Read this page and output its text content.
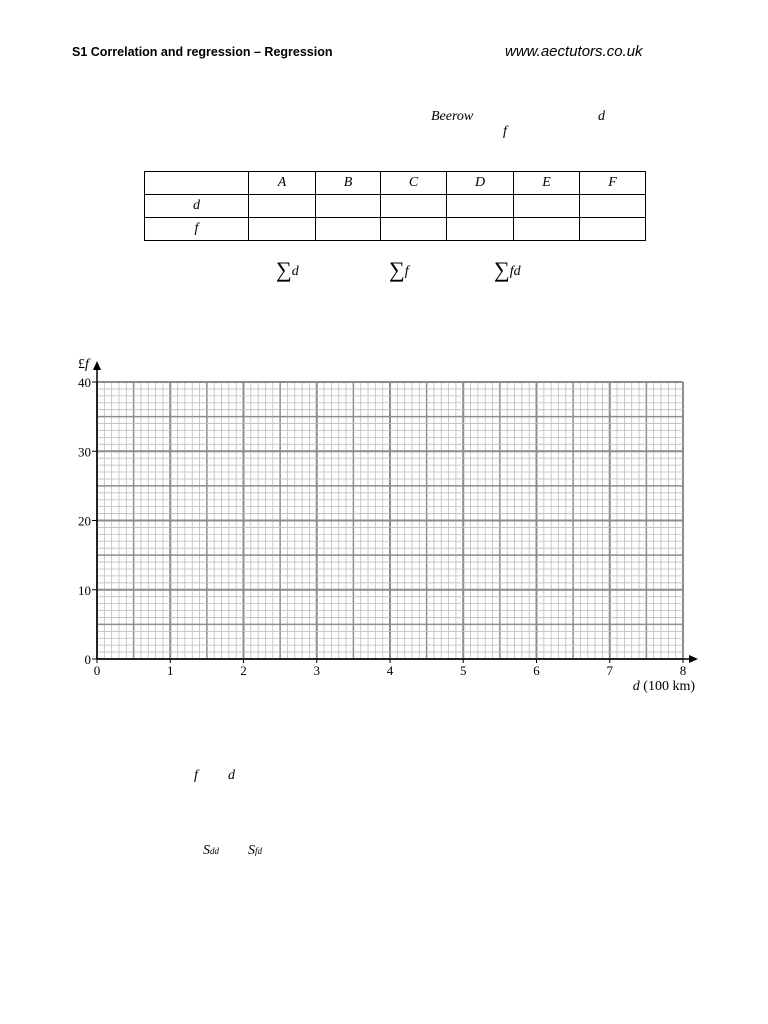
S1 Correlation and regression – Regression	www.aectutors.co.uk
Beerow	d
f
	A	B	C	D	E	F
d						
f						
∑d	∑f	∑fd
0	1	2	3	4	5	6	7	8
0
10
20
30
40
d (100 km)
£f
f d
Sdd Sfd
